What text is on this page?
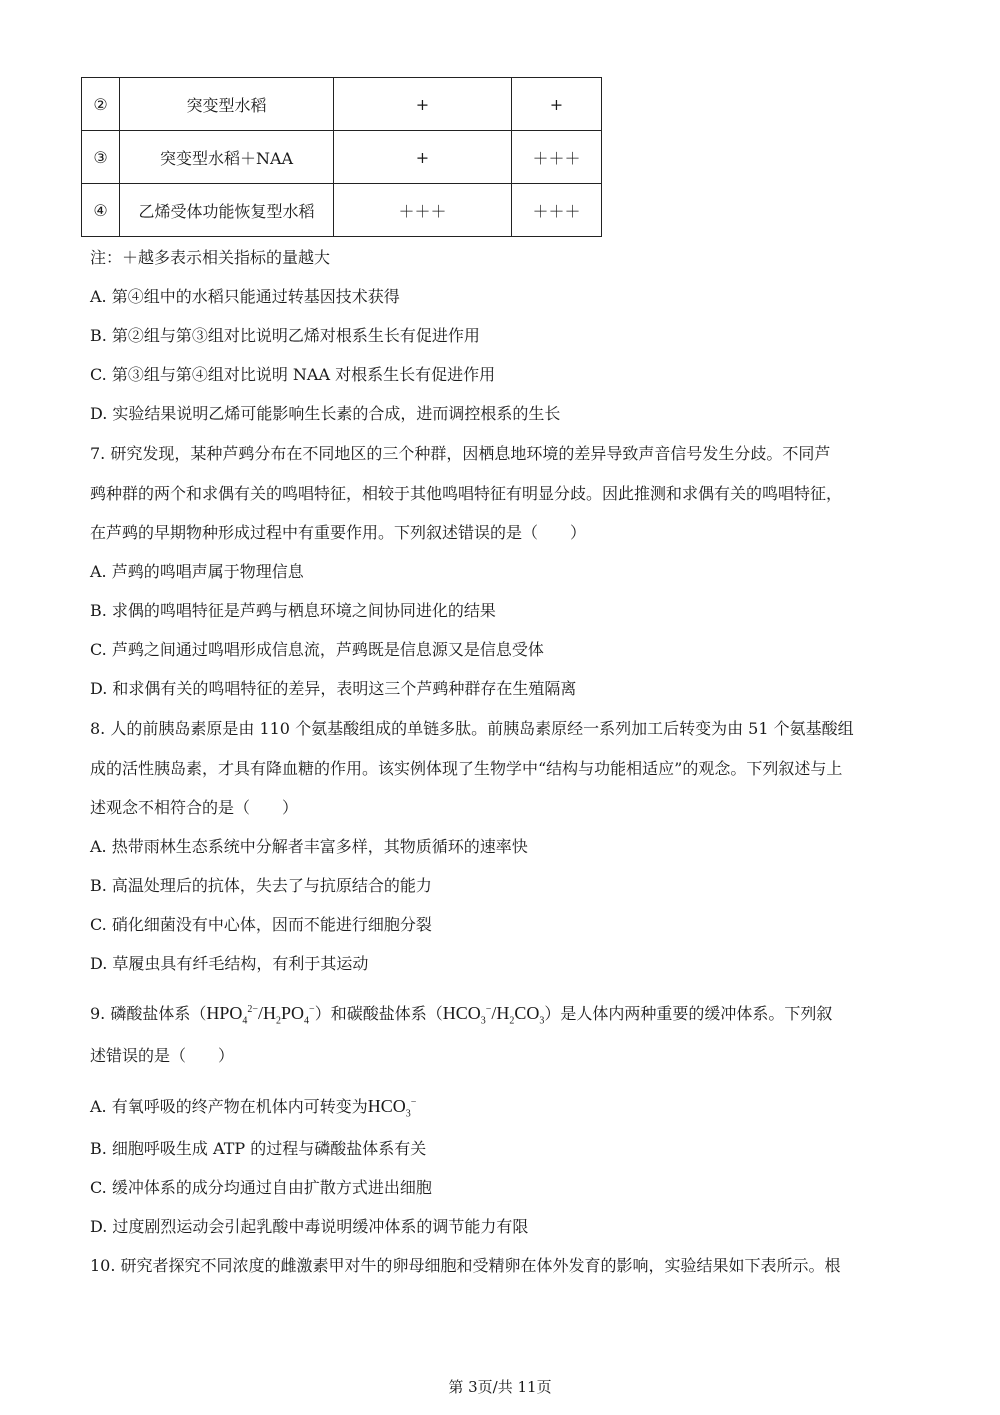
②	突变型水稻	+	+
③	突变型水稻＋NAA	+	＋＋＋
④	乙烯受体功能恢复型水稻	＋＋＋	＋＋＋
注：＋越多表示相关指标的量越大
A. 第④组中的水稻只能通过转基因技术获得
B. 第②组与第③组对比说明乙烯对根系生长有促进作用
C. 第③组与第④组对比说明 NAA 对根系生长有促进作用
D. 实验结果说明乙烯可能影响生长素的合成，进而调控根系的生长
7. 研究发现，某种芦鹀分布在不同地区的三个种群，因栖息地环境的差异导致声音信号发生分歧。不同芦
鹀种群的两个和求偶有关的鸣唱特征，相较于其他鸣唱特征有明显分歧。因此推测和求偶有关的鸣唱特征，
在芦鹀的早期物种形成过程中有重要作用。下列叙述错误的是（　　）
A. 芦鹀的鸣唱声属于物理信息
B. 求偶的鸣唱特征是芦鹀与栖息环境之间协同进化的结果
C. 芦鹀之间通过鸣唱形成信息流，芦鹀既是信息源又是信息受体
D. 和求偶有关的鸣唱特征的差异，表明这三个芦鹀种群存在生殖隔离
8. 人的前胰岛素原是由 110 个氨基酸组成的单链多肽。前胰岛素原经一系列加工后转变为由 51 个氨基酸组
成的活性胰岛素，才具有降血糖的作用。该实例体现了生物学中“结构与功能相适应”的观念。下列叙述与上
述观念不相符合的是（　　）
A. 热带雨林生态系统中分解者丰富多样，其物质循环的速率快
B. 高温处理后的抗体，失去了与抗原结合的能力
C. 硝化细菌没有中心体，因而不能进行细胞分裂
D. 草履虫具有纤毛结构，有利于其运动
9. 磷酸盐体系$(HPO_4^{2-}/H_2PO_4^-)$和碳酸盐体系$(HCO_3^-/H_2CO_3)$是人体内两种重要的缓冲体系。下列叙
述错误的是（　　）
A. 有氧呼吸的终产物在机体内可转变为$HCO_3^-$
B. 细胞呼吸生成 ATP 的过程与磷酸盐体系有关
C. 缓冲体系的成分均通过自由扩散方式进出细胞
D. 过度剧烈运动会引起乳酸中毒说明缓冲体系的调节能力有限
10. 研究者探究不同浓度的雌激素甲对牛的卵母细胞和受精卵在体外发育的影响，实验结果如下表所示。根
第 3页/共 11页
